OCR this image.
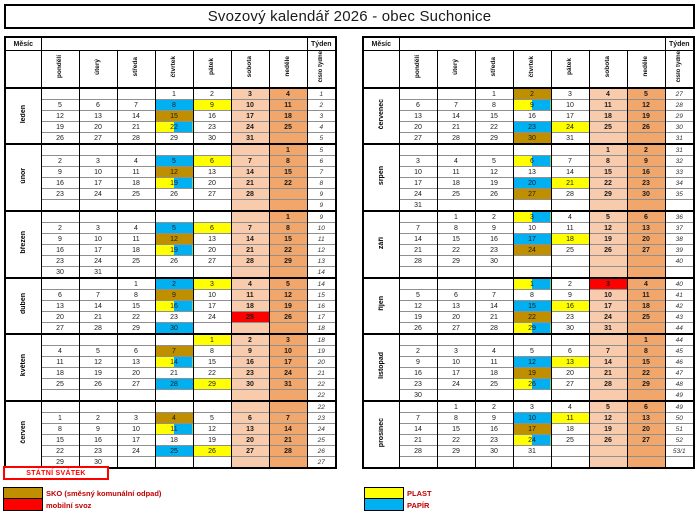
Svozový kalendář 2026 - obec Suchonice
Měsíc								Týden
	pondělí	úterý	středa	čtvrtek	pátek	sobota	neděle	číslo týdne
leden				1	2	3	4	1
	5	6	7	8	9	10	11	2
	12	13	14	15	16	17	18	3
	19	20	21	22	23	24	25	4
	26	27	28	29	30	31		5
únor							1	5
	2	3	4	5	6	7	8	6
	9	10	11	12	13	14	15	7
	16	17	18	19	20	21	22	8
	23	24	25	26	27	28		9
								9
březen							1	9
	2	3	4	5	6	7	8	10
	9	10	11	12	13	14	15	11
	16	17	18	19	20	21	22	12
	23	24	25	26	27	28	29	13
	30	31						14
duben			1	2	3	4	5	14
	6	7	8	9	10	11	12	15
	13	14	15	16	17	18	19	16
	20	21	22	23	24	25	26	17
	27	28	29	30				18
květen					1	2	3	18
	4	5	6	7	8	9	10	19
	11	12	13	14	15	16	17	20
	18	19	20	21	22	23	24	21
	25	26	27	28	29	30	31	22
								22
červen								22
	1	2	3	4	5	6	7	23
	8	9	10	11	12	13	14	24
	15	16	17	18	19	20	21	25
	22	23	24	25	26	27	28	26
	29	30						27
Měsíc								Týden
	pondělí	úterý	středa	čtvrtek	pátek	sobota	neděle	číslo týdne
červenec			1	2	3	4	5	27
	6	7	8	9	10	11	12	28
	13	14	15	16	17	18	19	29
	20	21	22	23	24	25	26	30
	27	28	29	30	31			31
srpen						1	2	31
	3	4	5	6	7	8	9	32
	10	11	12	13	14	15	16	33
	17	18	19	20	21	22	23	34
	24	25	26	27	28	29	30	35
	31							
září		1	2	3	4	5	6	36
	7	8	9	10	11	12	13	37
	14	15	16	17	18	19	20	38
	21	22	23	24	25	26	27	39
	28	29	30					40

říjen				1	2	3	4	40
	5	6	7	8	9	10	11	41
	12	13	14	15	16	17	18	42
	19	20	21	22	23	24	25	43
	26	27	28	29	30	31		44
listopad							1	44
	2	3	4	5	6	7	8	45
	9	10	11	12	13	14	15	46
	16	17	18	19	20	21	22	47
	23	24	25	26	27	28	29	48
	30							49
prosinec		1	2	3	4	5	6	49
	7	8	9	10	11	12	13	50
	14	15	16	17	18	19	20	51
	21	22	23	24	25	26	27	52
	28	29	30	31				53/1

STÁTNÍ SVÁTEK
SKO (směsný komunální odpad)
mobilní svoz
PLAST
PAPÍR
